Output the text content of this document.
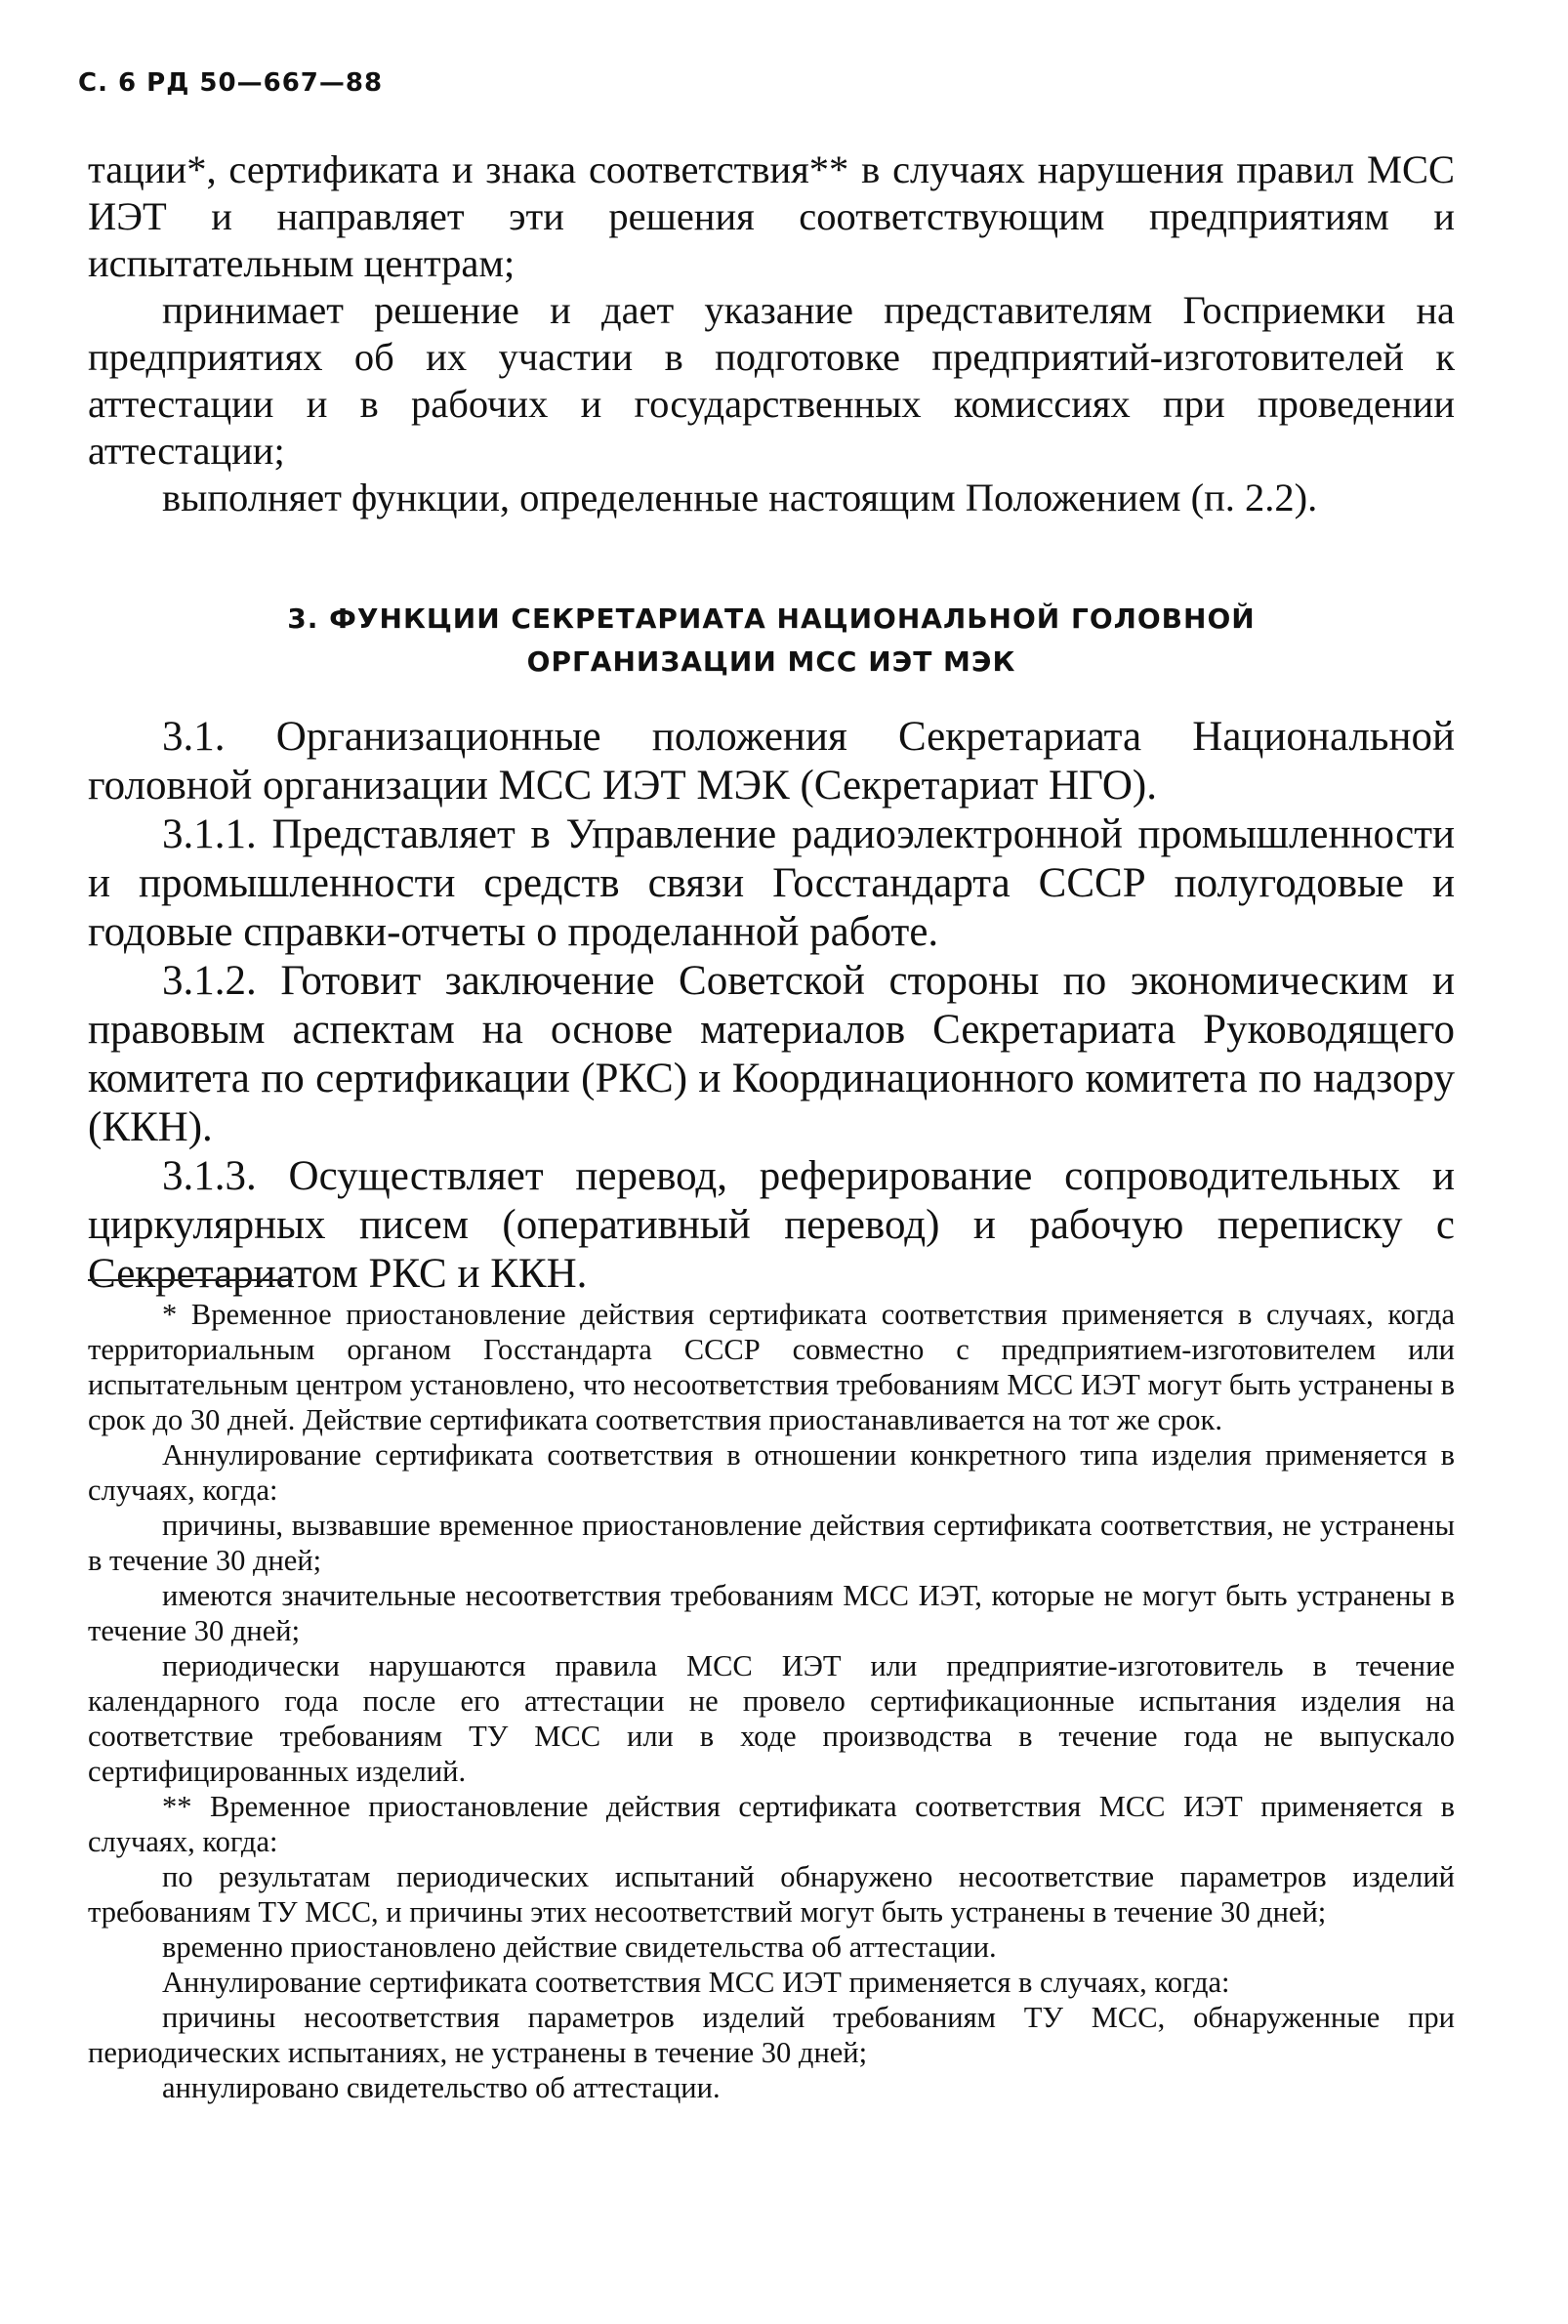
С. 6 РД 50—667—88

тации*, сертификата и знака соответствия** в случаях нарушения правил МСС ИЭТ и направляет эти решения соответствующим предприятиям и испытательным центрам;

принимает решение и дает указание представителям Госприемки на предприятиях об их участии в подготовке предприятий-изготовителей к аттестации и в рабочих и государственных комиссиях при проведении аттестации;

выполняет функции, определенные настоящим Положением (п. 2.2).

3. ФУНКЦИИ СЕКРЕТАРИАТА НАЦИОНАЛЬНОЙ ГОЛОВНОЙ
ОРГАНИЗАЦИИ МСС ИЭТ МЭК

3.1. Организационные положения Секретариата Национальной головной организации МСС ИЭТ МЭК (Секретариат НГО).

3.1.1. Представляет в Управление радиоэлектронной промышленности и промышленности средств связи Госстандарта СССР полугодовые и годовые справки-отчеты о проделанной работе.

3.1.2. Готовит заключение Советской стороны по экономическим и правовым аспектам на основе материалов Секретариата Руководящего комитета по сертификации (РКС) и Координационного комитета по надзору (ККН).

3.1.3. Осуществляет перевод, реферирование сопроводительных и циркулярных писем (оперативный перевод) и рабочую переписку с Секретариатом РКС и ККН.

* Временное приостановление действия сертификата соответствия применяется в случаях, когда территориальным органом Госстандарта СССР совместно с предприятием-изготовителем или испытательным центром установлено, что несоответствия требованиям МСС ИЭТ могут быть устранены в срок до 30 дней. Действие сертификата соответствия приостанавливается на тот же срок.

Аннулирование сертификата соответствия в отношении конкретного типа изделия применяется в случаях, когда:

причины, вызвавшие временное приостановление действия сертификата соответствия, не устранены в течение 30 дней;

имеются значительные несоответствия требованиям МСС ИЭТ, которые не могут быть устранены в течение 30 дней;

периодически нарушаются правила МСС ИЭТ или предприятие-изготовитель в течение календарного года после его аттестации не провело сертификационные испытания изделия на соответствие требованиям ТУ МСС или в ходе производства в течение года не выпускало сертифицированных изделий.

** Временное приостановление действия сертификата соответствия МСС ИЭТ применяется в случаях, когда:

по результатам периодических испытаний обнаружено несоответствие параметров изделий требованиям ТУ МСС, и причины этих несоответствий могут быть устранены в течение 30 дней;

временно приостановлено действие свидетельства об аттестации.

Аннулирование сертификата соответствия МСС ИЭТ применяется в случаях, когда:

причины несоответствия параметров изделий требованиям ТУ МСС, обнаруженные при периодических испытаниях, не устранены в течение 30 дней;

аннулировано свидетельство об аттестации.
